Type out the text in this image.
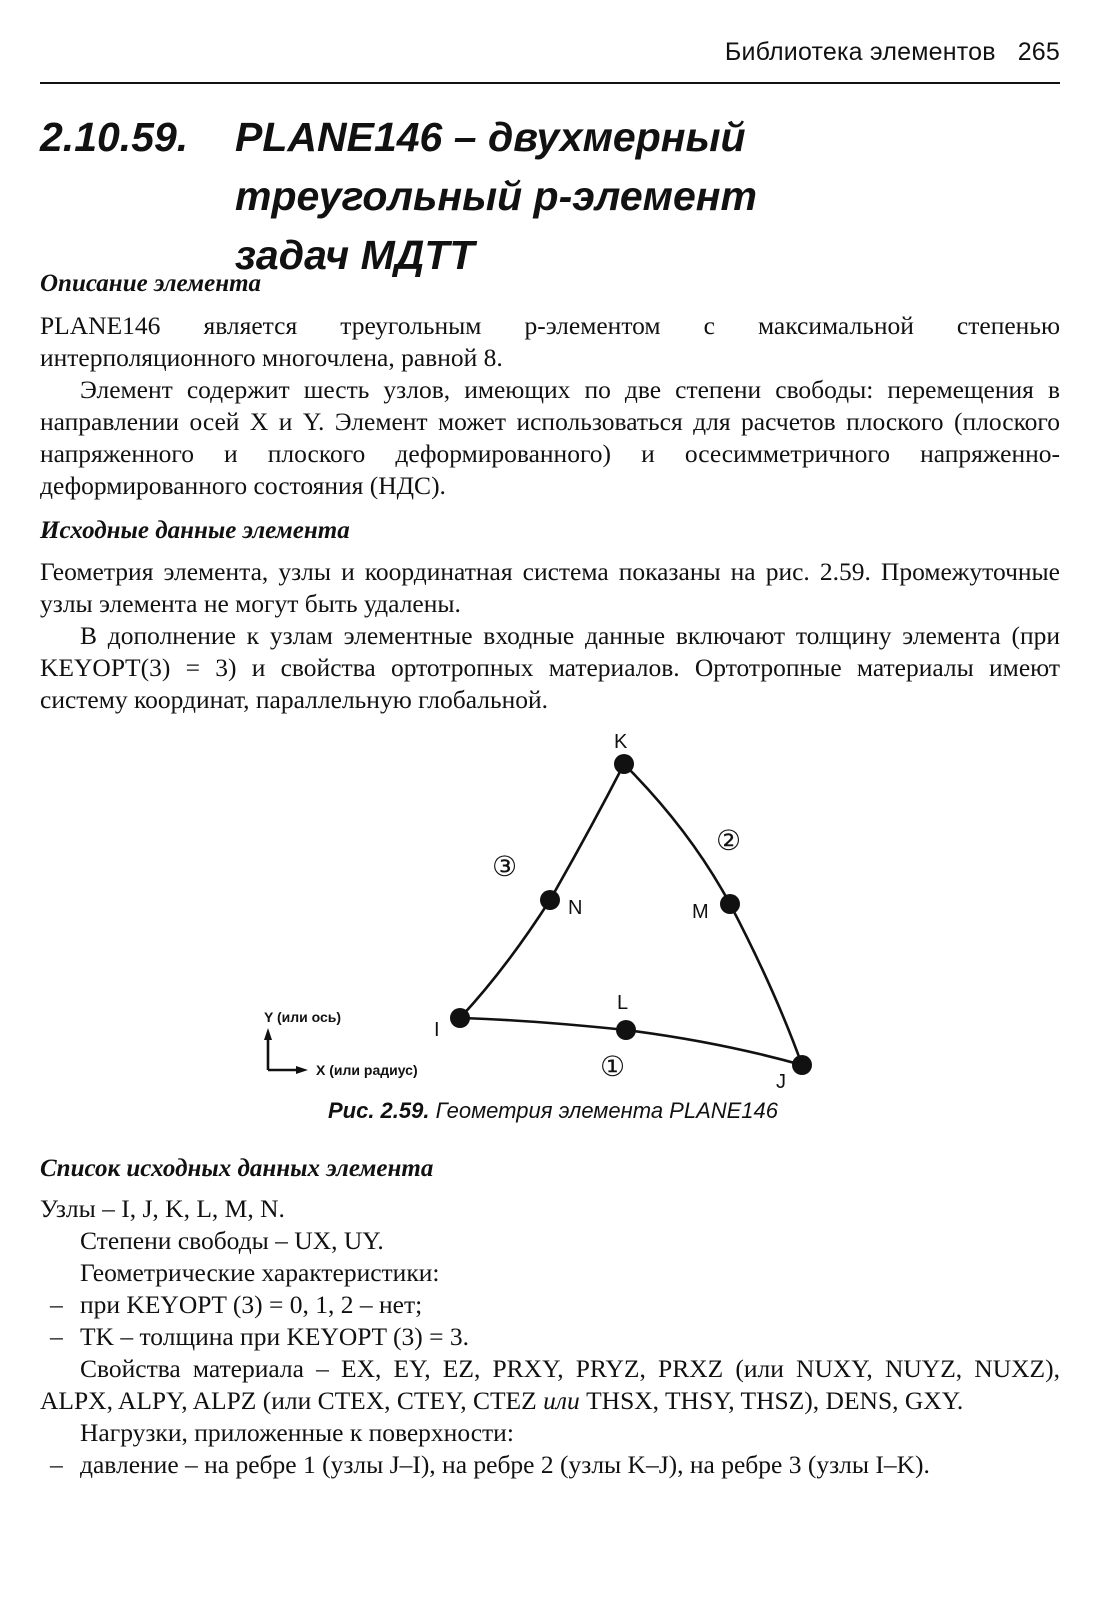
Библиотека элементов 265
2.10.59. PLANE146 – двухмерный
треугольный p-элемент
задач МДТТ
Описание элемента

PLANE146 является треугольным p-элементом с максимальной степенью интерполяционного многочлена, равной 8.

Элемент содержит шесть узлов, имеющих по две степени свободы: перемещения в направлении осей X и Y. Элемент может использоваться для расчетов плоского (плоского напряженного и плоского деформированного) и осесимметричного напряженно-деформированного состояния (НДС).

Исходные данные элемента

Геометрия элемента, узлы и координатная система показаны на рис. 2.59. Промежуточные узлы элемента не могут быть удалены.

В дополнение к узлам элементные входные данные включают толщину элемента (при KEYOPT(3) = 3) и свойства ортотропных материалов. Ортотропные материалы имеют систему координат, параллельную глобальной.

K
N	M
L
I
J
③
②
①
Y (или ось)
X (или радиус)
Рис. 2.59. Геометрия элемента PLANE146
Список исходных данных элемента
Узлы – I, J, K, L, M, N.
Степени свободы – UX, UY.
Геометрические характеристики:
– при KEYOPT (3) = 0, 1, 2 – нет;
– TK – толщина при KEYOPT (3) = 3.
Свойства материала – EX, EY, EZ, PRXY, PRYZ, PRXZ (или NUXY, NUYZ, NUXZ), ALPX, ALPY, ALPZ (или CTEX, CTEY, CTEZ или THSX, THSY, THSZ), DENS, GXY.
Нагрузки, приложенные к поверхности:
– давление – на ребре 1 (узлы J–I), на ребре 2 (узлы K–J), на ребре 3 (узлы I–K).
